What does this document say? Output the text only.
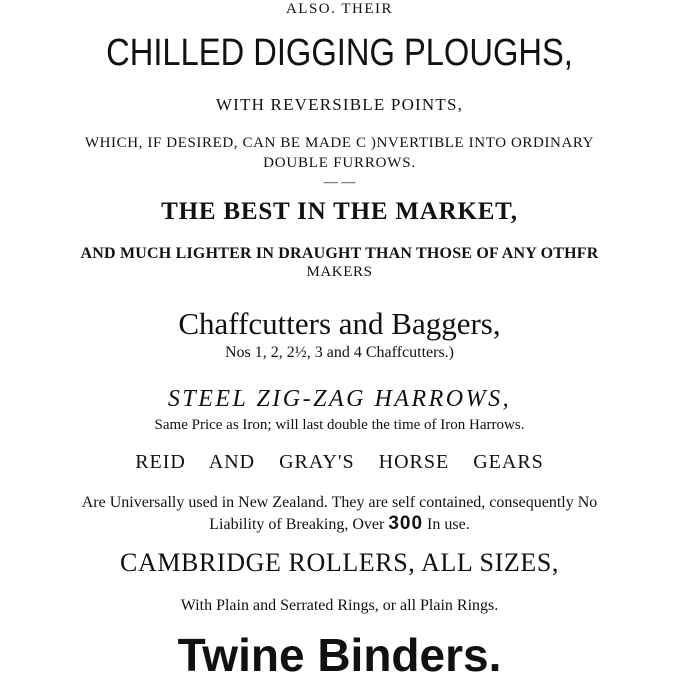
ALSO. THEIR
CHILLED DIGGING PLOUGHS,
WITH REVERSIBLE POINTS,
WHICH, IF DESIRED, CAN BE MADE C )NVERTIBLE INTO ORDINARY
DOUBLE FURROWS.
— —
THE BEST IN THE MARKET,
AND MUCH LIGHTER IN DRAUGHT THAN THOSE OF ANY OTHFR
MAKERS
Chaffcutters and Baggers,
Nos 1, 2, 2½, 3 and 4 Chaffcutters.)
STEEL ZIG-ZAG HARROWS,
Same Price as Iron; will last double the time of Iron Harrows.
REID AND GRAY'S HORSE GEARS
Are Universally used in New Zealand. They are self contained, consequently No
Liability of Breaking, Over 300 In use.
CAMBRIDGE ROLLERS, ALL SIZES,
With Plain and Serrated Rings, or all Plain Rings.
Twine Binders.
